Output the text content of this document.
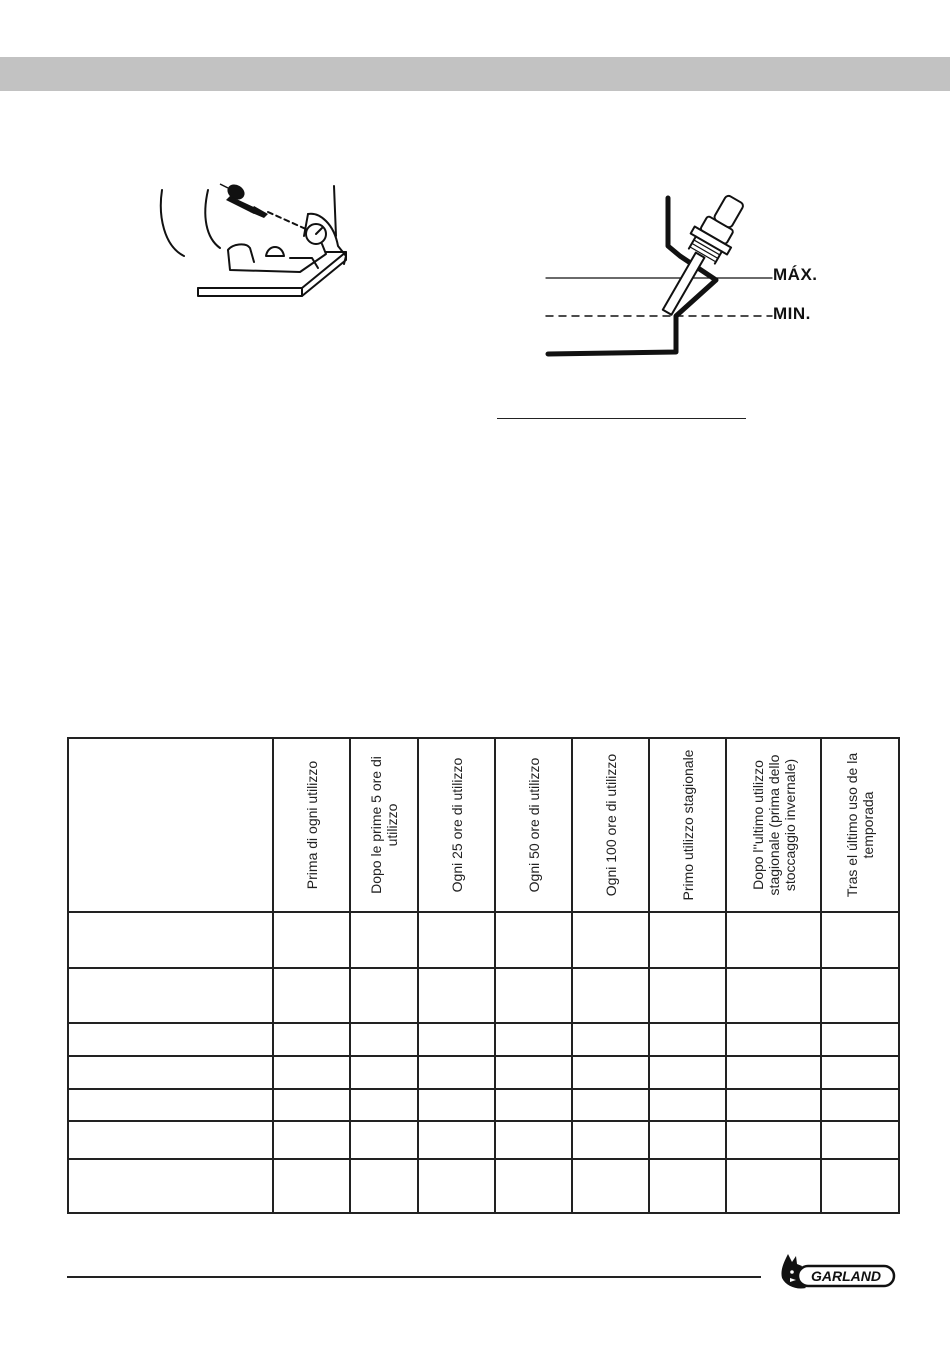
MÁX.
MIN.

	Prima di ogni utilizzo	Dopo le prime 5 ore di utilizzo	Ogni 25 ore di utilizzo	Ogni 50 ore di utilizzo	Ogni 100 ore di utilizzo	Primo utilizzo stagionale	Dopo l''ultimo utilizzo stagionale (prima dello stoccaggio invernale)	Tras el último uso de la temporada

GARLAND
